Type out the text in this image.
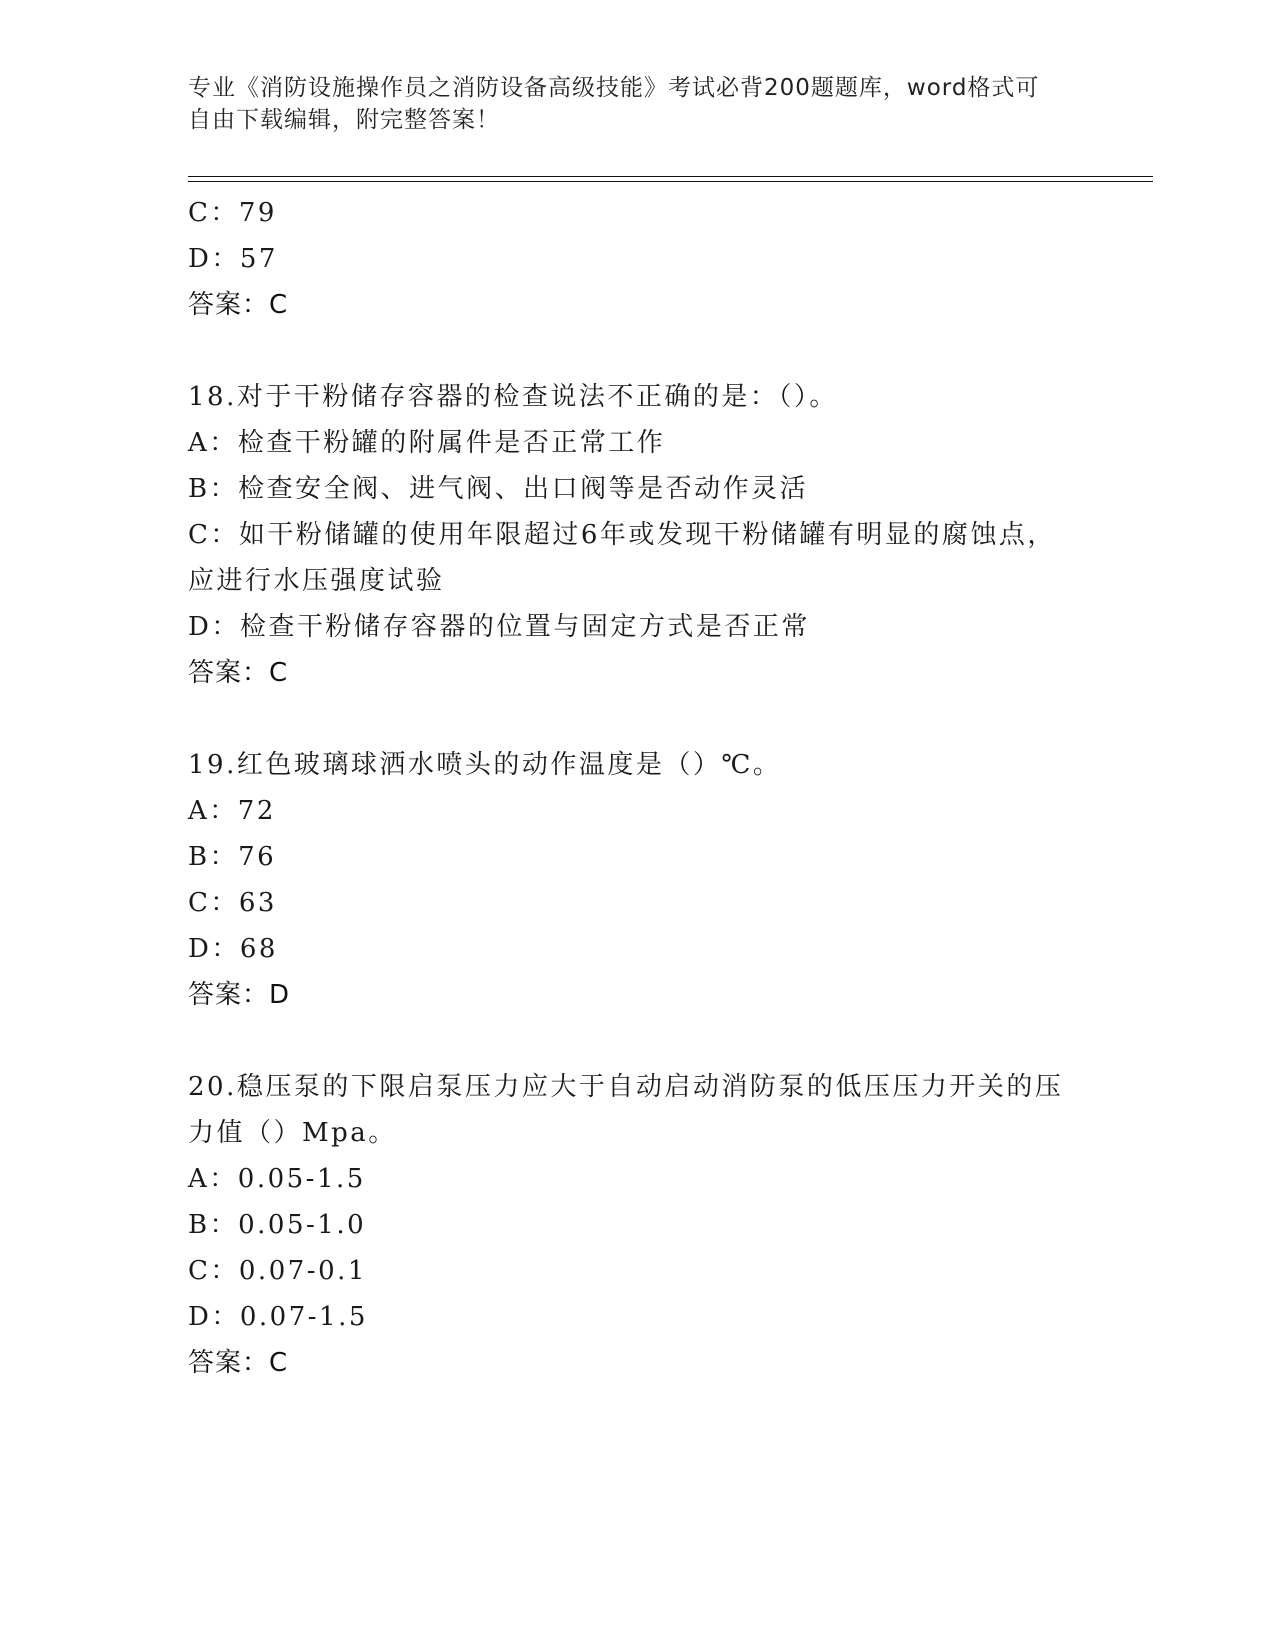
专业《消防设施操作员之消防设备高级技能》考试必背200题题库，word格式可
自由下载编辑，附完整答案！
C：79
D：57
答案：C
18.对于干粉储存容器的检查说法不正确的是：（）。
A：检查干粉罐的附属件是否正常工作
B：检查安全阀、进气阀、出口阀等是否动作灵活
C：如干粉储罐的使用年限超过6年或发现干粉储罐有明显的腐蚀点，
应进行水压强度试验
D：检查干粉储存容器的位置与固定方式是否正常
答案：C
19.红色玻璃球洒水喷头的动作温度是（）℃。
A：72
B：76
C：63
D：68
答案：D
20.稳压泵的下限启泵压力应大于自动启动消防泵的低压压力开关的压
力值（）Mpa。
A：0.05-1.5
B：0.05-1.0
C：0.07-0.1
D：0.07-1.5
答案：C
